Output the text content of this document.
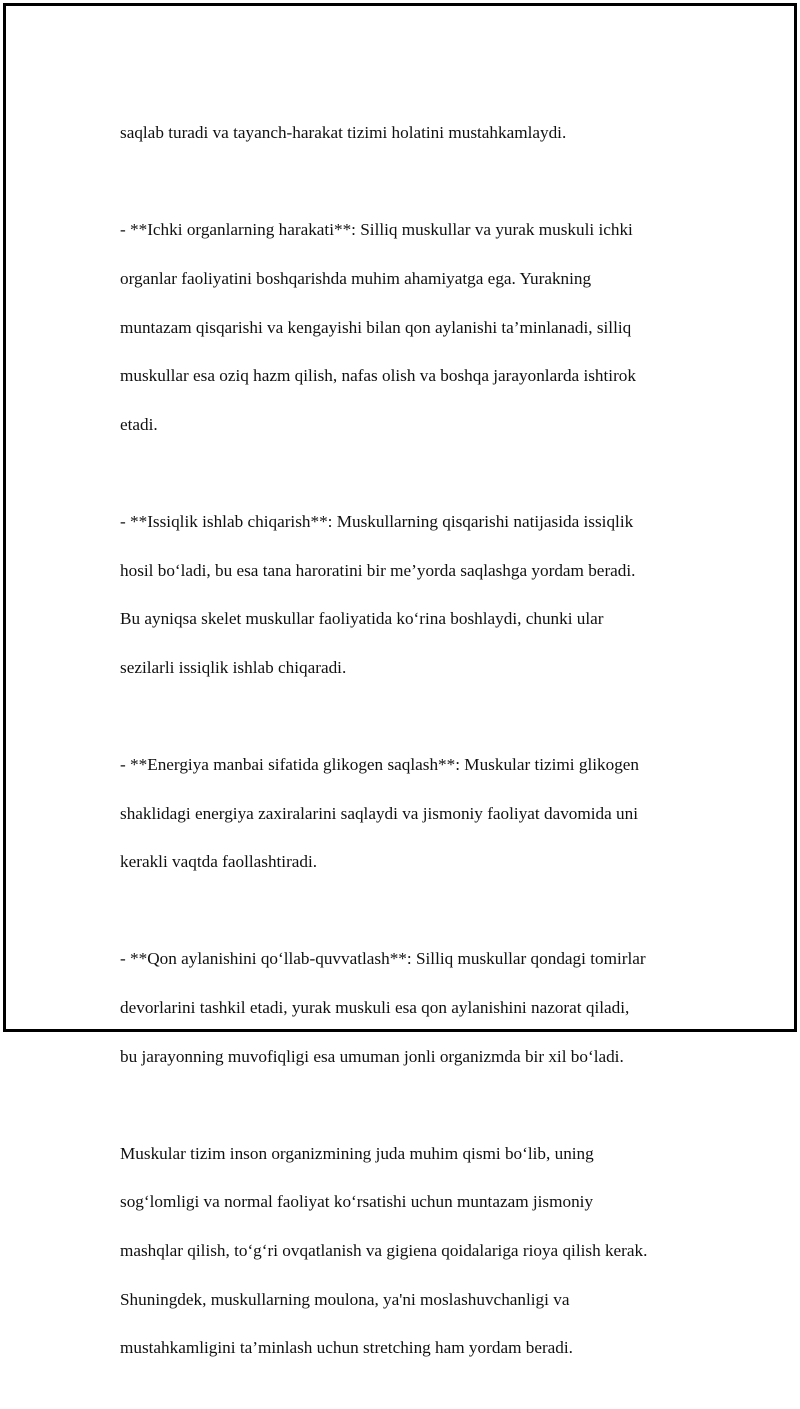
saqlab turadi va tayanch-harakat tizimi holatini mustahkamlaydi.

- **Ichki organlarning harakati**: Silliq muskullar va yurak muskuli ichki

organlar faoliyatini boshqarishda muhim ahamiyatga ega. Yurakning

muntazam qisqarishi va kengayishi bilan qon aylanishi ta’minlanadi, silliq

muskullar esa oziq hazm qilish, nafas olish va boshqa jarayonlarda ishtirok

etadi.

- **Issiqlik ishlab chiqarish**: Muskullarning qisqarishi natijasida issiqlik

hosil boʻladi, bu esa tana haroratini bir me’yorda saqlashga yordam beradi.

Bu ayniqsa skelet muskullar faoliyatida koʻrina boshlaydi, chunki ular

sezilarli issiqlik ishlab chiqaradi.

- **Energiya manbai sifatida glikogen saqlash**: Muskular tizimi glikogen

shaklidagi energiya zaxiralarini saqlaydi va jismoniy faoliyat davomida uni

kerakli vaqtda faollashtiradi.

- **Qon aylanishini qoʻllab-quvvatlash**: Silliq muskullar qondagi tomirlar

devorlarini tashkil etadi, yurak muskuli esa qon aylanishini nazorat qiladi,

bu jarayonning muvofiqligi esa umuman jonli organizmda bir xil boʻladi.

Muskular tizim inson organizmining juda muhim qismi boʻlib, uning

sogʻlomligi va normal faoliyat koʻrsatishi uchun muntazam jismoniy

mashqlar qilish, toʻgʻri ovqatlanish va gigiena qoidalariga rioya qilish kerak.

Shuningdek, muskullarning moulona, ya'ni moslashuvchanligi va

mustahkamligini ta’minlash uchun stretching ham yordam beradi.
